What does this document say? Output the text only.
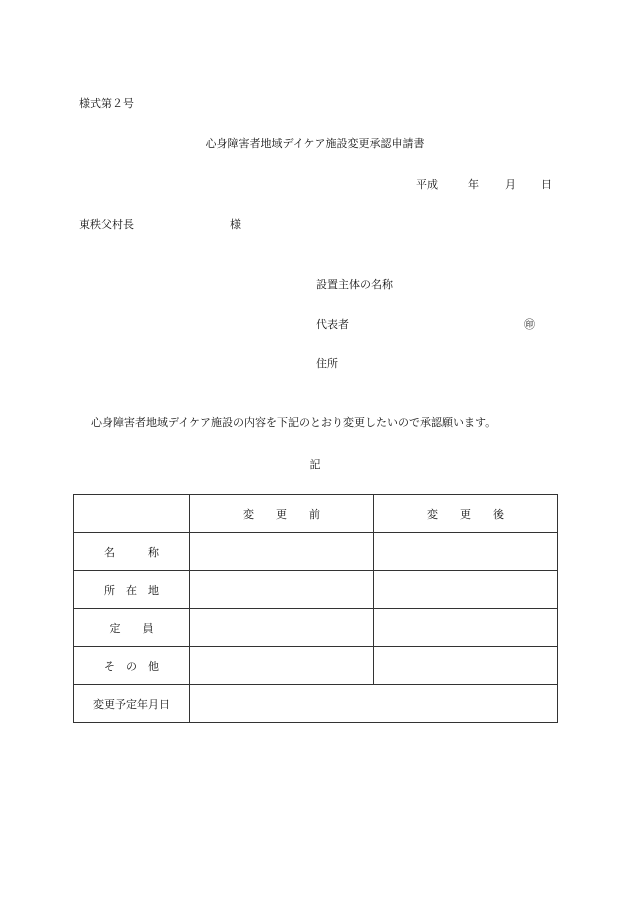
様式第２号
心身障害者地域デイケア施設変更承認申請書
平成	年 月 日
東秩父村長	様
設置主体の名称
代表者	㊞
住所
心身障害者地域デイケア施設の内容を下記のとおり変更したいので承認願います。
記
	変　　更　　前	変　　更　　後
名　　　称		
所　在　地		
定　　員		
そ　の　他		
変更予定年月日		
